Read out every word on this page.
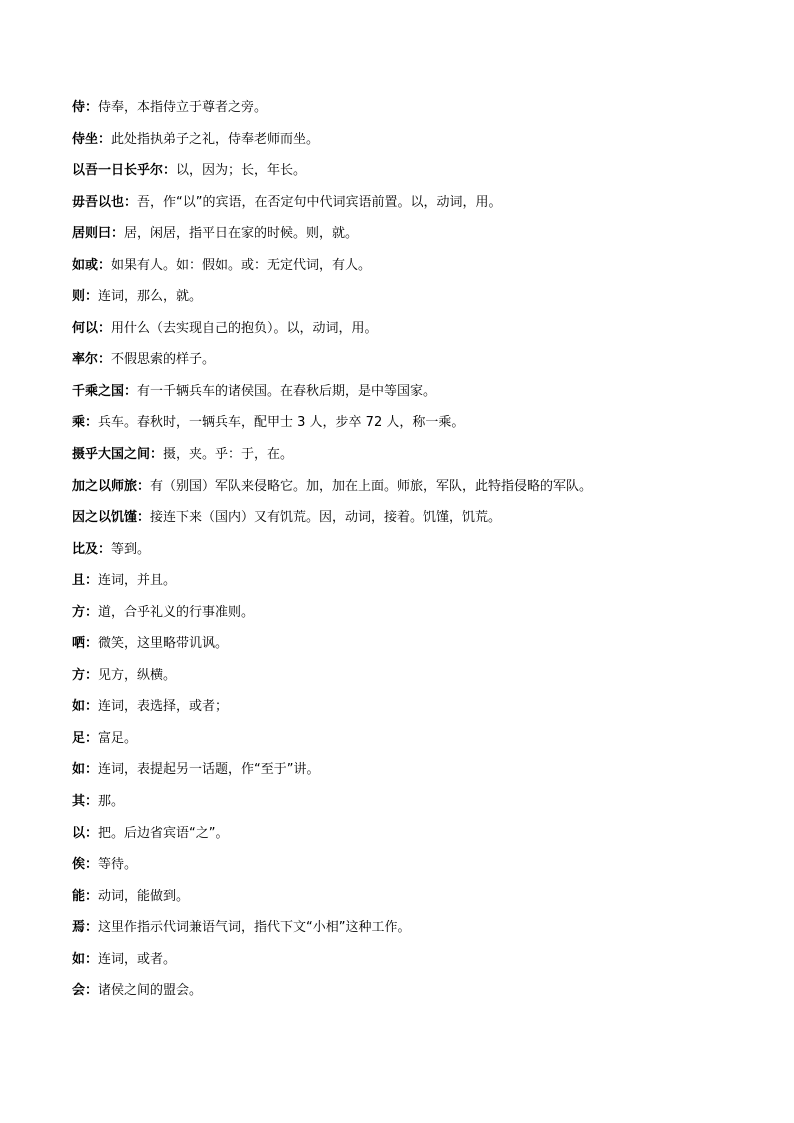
侍：侍奉，本指侍立于尊者之旁。
侍坐：此处指执弟子之礼，侍奉老师而坐。
以吾一日长乎尔：以，因为；长，年长。
毋吾以也：吾，作“以”的宾语，在否定句中代词宾语前置。以，动词，用。
居则曰：居，闲居，指平日在家的时候。则，就。
如或：如果有人。如：假如。或：无定代词，有人。
则：连词，那么，就。
何以：用什么（去实现自己的抱负）。以，动词，用。
率尔：不假思索的样子。
千乘之国：有一千辆兵车的诸侯国。在春秋后期，是中等国家。
乘：兵车。春秋时，一辆兵车，配甲士 3 人，步卒 72 人，称一乘。
摄乎大国之间：摄，夹。乎：于，在。
加之以师旅：有（别国）军队来侵略它。加，加在上面。师旅，军队，此特指侵略的军队。
因之以饥馑：接连下来（国内）又有饥荒。因，动词，接着。饥馑，饥荒。
比及：等到。
且：连词，并且。
方：道，合乎礼义的行事准则。
哂：微笑，这里略带讥讽。
方：见方，纵横。
如：连词，表选择，或者；
足：富足。
如：连词，表提起另一话题，作“至于”讲。
其：那。
以：把。后边省宾语“之”。
俟：等待。
能：动词，能做到。
焉：这里作指示代词兼语气词，指代下文“小相”这种工作。
如：连词，或者。
会：诸侯之间的盟会。
